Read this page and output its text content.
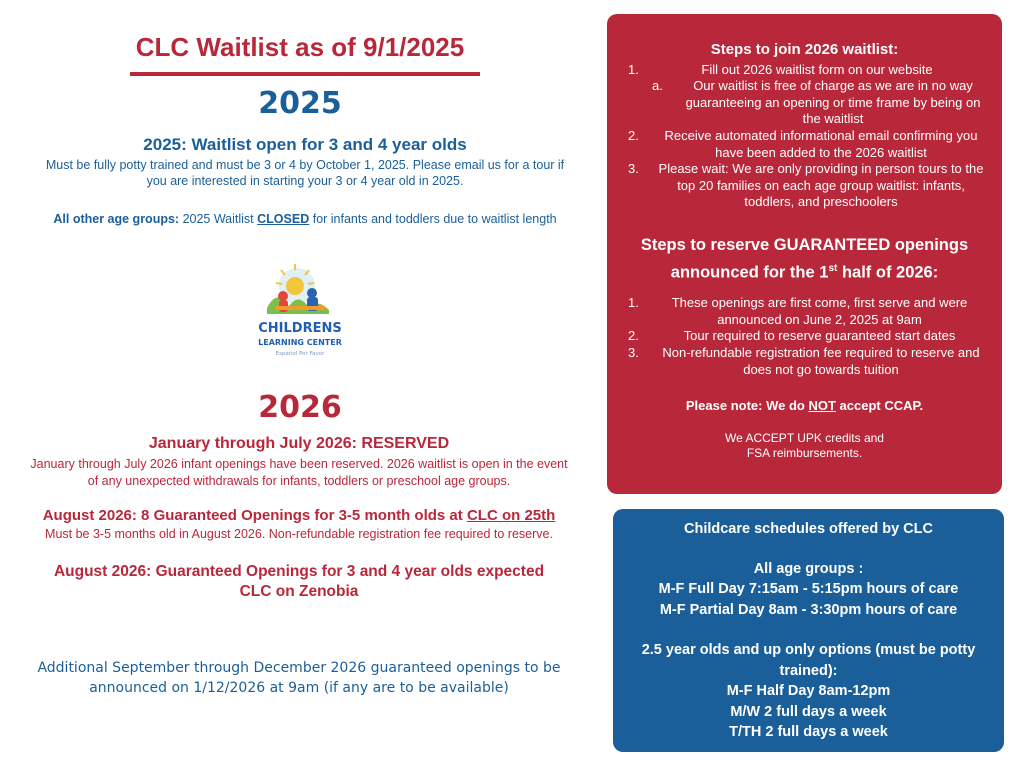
CLC Waitlist as of 9/1/2025
2025
2025: Waitlist open for 3 and 4 year olds
Must be fully potty trained and must be 3 or 4 by October 1, 2025. Please email us for a tour if
you are interested in starting your 3 or 4 year old in 2025.
All other age groups: 2025 Waitlist CLOSED for infants and toddlers due to waitlist length
CHILDRENS
LEARNING CENTER
Español Por Favor
2026
January through July 2026: RESERVED
January through July 2026 infant openings have been reserved. 2026 waitlist is open in the event
of any unexpected withdrawals for infants, toddlers or preschool age groups.
August 2026: 8 Guaranteed Openings for 3-5 month olds at CLC on 25th
Must be 3-5 months old in August 2026. Non-refundable registration fee required to reserve.
August 2026: Guaranteed Openings for 3 and 4 year olds expected
CLC on Zenobia
Additional September through December 2026 guaranteed openings to be
announced on 1/12/2026 at 9am (if any are to be available)
Steps to join 2026 waitlist:
1.	Fill out 2026 waitlist form on our website
a.	Our waitlist is free of charge as we are in no way
guaranteeing an opening or time frame by being on
the waitlist
2.	Receive automated informational email confirming you
have been added to the 2026 waitlist
3.	Please wait: We are only providing in person tours to the
top 20 families on each age group waitlist: infants,
toddlers, and preschoolers
Steps to reserve GUARANTEED openings
announced for the 1st half of 2026:
1.	These openings are first come, first serve and were
announced on June 2, 2025 at 9am
2.	Tour required to reserve guaranteed start dates
3.	Non-refundable registration fee required to reserve and
does not go towards tuition
Please note: We do NOT accept CCAP.
We ACCEPT UPK credits and
FSA reimbursements.
Childcare schedules offered by CLC
All age groups :
M-F Full Day 7:15am - 5:15pm hours of care
M-F Partial Day 8am - 3:30pm hours of care
2.5 year olds and up only options (must be potty
trained):
M-F Half Day 8am-12pm
M/W 2 full days a week
T/TH 2 full days a week
